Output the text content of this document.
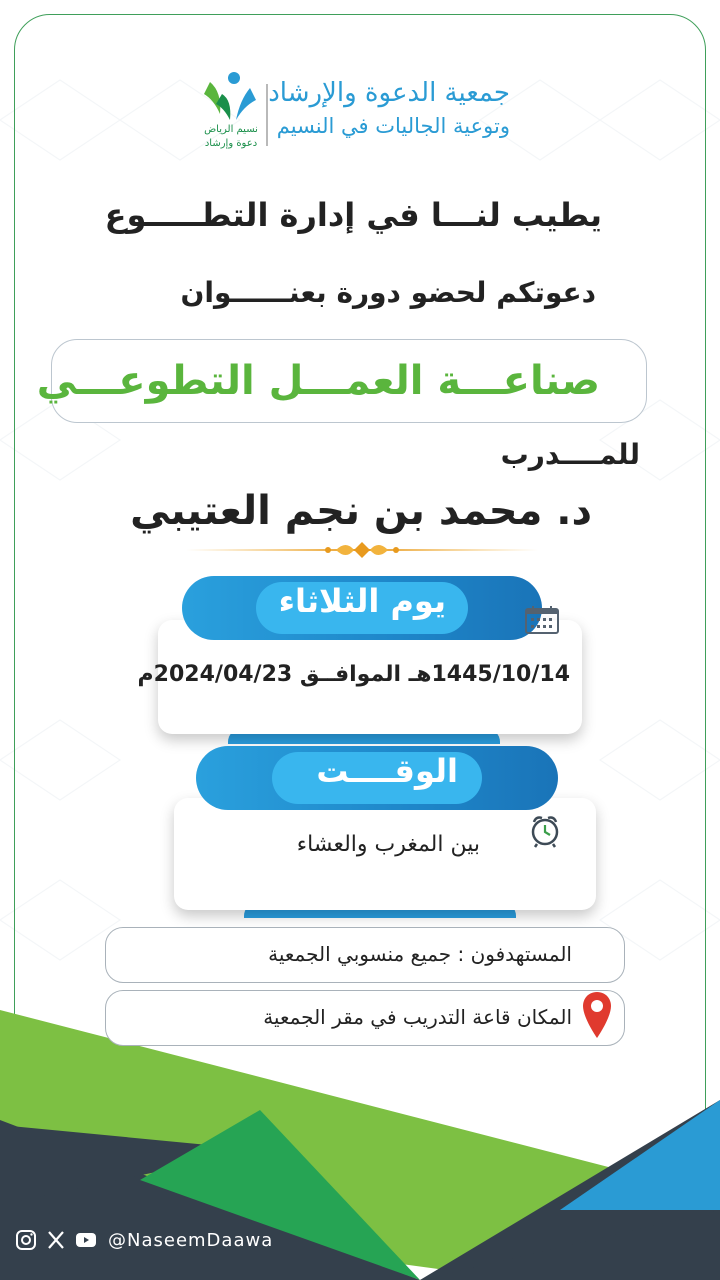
نسيم الرياض
دعوة وإرشاد
جمعية الدعوة والإرشاد
وتوعية الجاليات في النسيم
يطيب لنـــا في إدارة التطـــــوع
دعوتكم لحضو دورة بعنــــــوان
صناعـــة العمـــل التطوعـــي
للمــــدرب
د. محمد بن نجم العتيبي
يوم الثلاثاء
1445/10/14هـ الموافــق 2024/04/23م
الوقــــت
بين المغرب والعشاء
المستهدفون : جميع منسوبي الجمعية
المكان قاعة التدريب في مقر الجمعية
@NaseemDaawa
